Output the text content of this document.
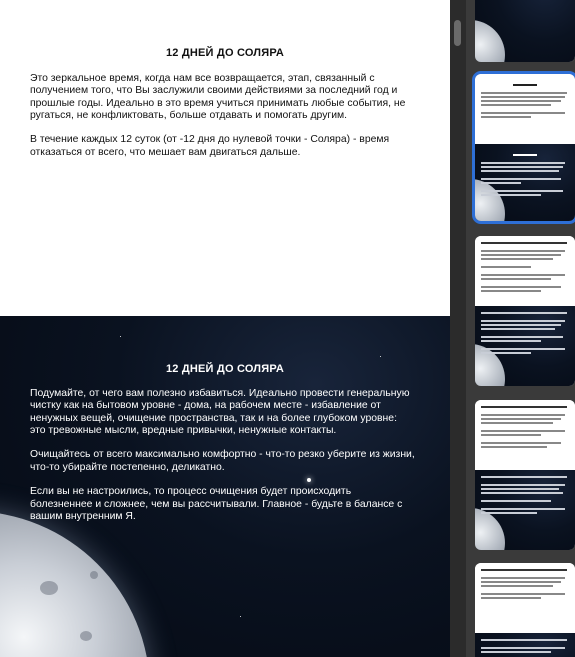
12 ДНЕЙ ДО СОЛЯРА

Это зеркальное время, когда нам все возвращается, этап, связанный с получением того, что Вы заслужили своими действиями за последний год и прошлые годы. Идеально в это время учиться принимать любые события, не ругаться, не конфликтовать, больше отдавать и помогать другим.

В течение каждых 12 суток (от -12 дня до нулевой точки - Соляра) - время отказаться от всего, что мешает вам двигаться дальше.

12 ДНЕЙ ДО СОЛЯРА

Подумайте, от чего вам полезно избавиться. Идеально провести генеральную чистку как на бытовом уровне - дома, на рабочем месте - избавление от ненужных вещей, очищение пространства, так и на более глубоком уровне: это тревожные мысли, вредные привычки, ненужные контакты.

Очищайтесь от всего максимально комфортно - что-то резко уберите из жизни, что-то убирайте постепенно, деликатно.

Если вы не настроились, то процесс очищения будет происходить болезненнее и сложнее, чем вы рассчитывали. Главное - будьте в балансе с вашим внутренним Я.
